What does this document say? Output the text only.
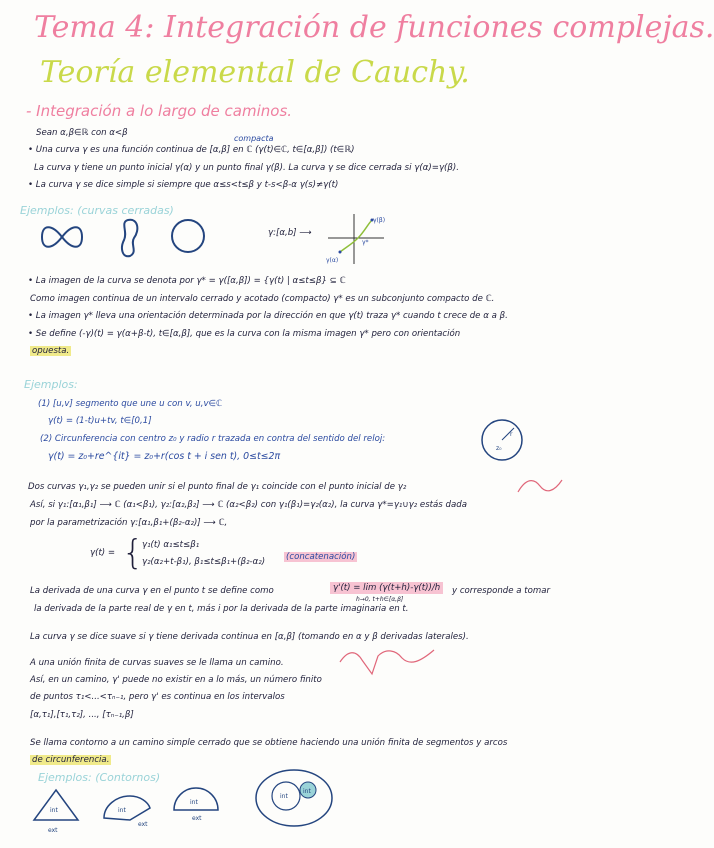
Tema 4: Integración de funciones complejas.
Teoría elemental de Cauchy.
- Integración a lo largo de caminos.
Sean α,β∈ℝ con α<β
compacta
• Una curva γ es una función continua de [α,β] en ℂ (γ(t)∈ℂ, t∈[α,β]) (t∈ℝ)
La curva γ tiene un punto inicial γ(α) y un punto final γ(β). La curva γ se dice cerrada si γ(α)=γ(β).
• La curva γ se dice simple si siempre que α≤s<t≤β y t-s<β-α γ(s)≠γ(t)
Ejemplos: (curvas cerradas)
γ:[α,b] ⟶
γ(β)
γ(α)
γ*
• La imagen de la curva se denota por γ* = γ([α,β]) = {γ(t) | α≤t≤β} ⊆ ℂ
Como imagen continua de un intervalo cerrado y acotado (compacto) γ* es un subconjunto compacto de ℂ.
• La imagen γ* lleva una orientación determinada por la dirección en que γ(t) traza γ* cuando t crece de α a β.
• Se define (-γ)(t) = γ(α+β-t), t∈[α,β], que es la curva con la misma imagen γ* pero con orientación
opuesta.
Ejemplos:
(1) [u,v] segmento que une u con v, u,v∈ℂ
γ(t) = (1-t)u+tv, t∈[0,1]
(2) Circunferencia con centro z₀ y radio r trazada en contra del sentido del reloj:
γ(t) = z₀+re^{it} = z₀+r(cos t + i sen t), 0≤t≤2π
r
z₀
Dos curvas γ₁,γ₂ se pueden unir si el punto final de γ₁ coincide con el punto inicial de γ₂
Así, si γ₁:[α₁,β₁] ⟶ ℂ (α₁<β₁), γ₂:[α₂,β₂] ⟶ ℂ (α₂<β₂) con γ₁(β₁)=γ₂(α₂), la curva γ*=γ₁∪γ₂ estás dada
por la parametrización γ:[α₁,β₁+(β₂-α₂)] ⟶ ℂ,
γ(t) = {
γ₁(t) α₁≤t≤β₁
γ₂(α₂+t-β₁), β₁≤t≤β₁+(β₂-α₂) (concatenación)
La derivada de una curva γ en el punto t se define como	γ'(t) = lim (γ(t+h)-γ(t))/h
h→0, t+h∈[α,β]
y corresponde a tomar
la derivada de la parte real de γ en t, más i por la derivada de la parte imaginaria en t.
La curva γ se dice suave si γ tiene derivada continua en [α,β] (tomando en α y β derivadas laterales).
A una unión finita de curvas suaves se le llama un camino.
Así, en un camino, γ' puede no existir en a lo más, un número finito
de puntos τ₁<...<τₙ₋₁, pero γ' es continua en los intervalos
[α,τ₁],[τ₁,τ₂], ..., [τₙ₋₁,β]
Se llama contorno a un camino simple cerrado que se obtiene haciendo una unión finita de segmentos y arcos
de circunferencia.
Ejemplos: (Contornos)
int
ext
int
ext
int
ext
int
int
